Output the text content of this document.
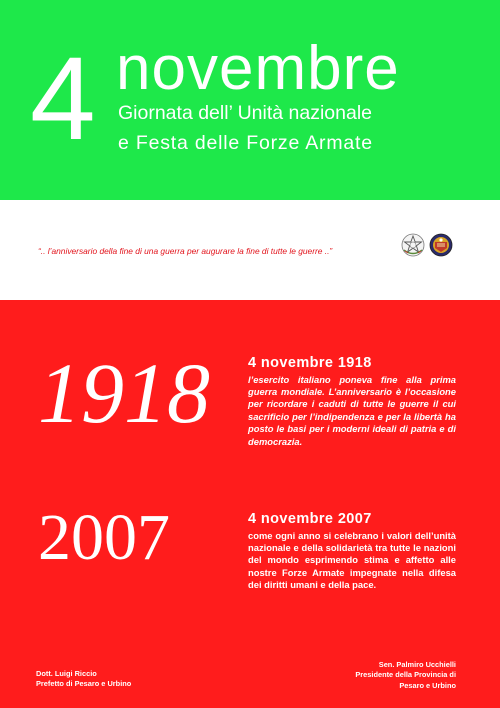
4 novembre
Giornata dell’ Unità nazionale
e Festa delle Forze Armate
“.. l’anniversario della fine di una guerra per augurare la fine di tutte le guerre ..”
1918	4 novembre 1918
l’esercito italiano poneva fine alla prima guerra mondiale. L’anniversario è l’occasione per ricordare i caduti di tutte le guerre il cui sacrificio per l’indipendenza e per la libertà ha posto le basi per i moderni ideali di patria e di democrazia.
2007	4 novembre 2007
come ogni anno si celebrano i valori dell’unità nazionale e della solidarietà tra tutte le nazioni del mondo esprimendo stima e affetto alle nostre Forze Armate impegnate nella difesa dei diritti umani e della pace.
Dott. Luigi Riccio
Prefetto di Pesaro e Urbino
Sen. Palmiro Ucchielli
Presidente della Provincia di
Pesaro e Urbino
